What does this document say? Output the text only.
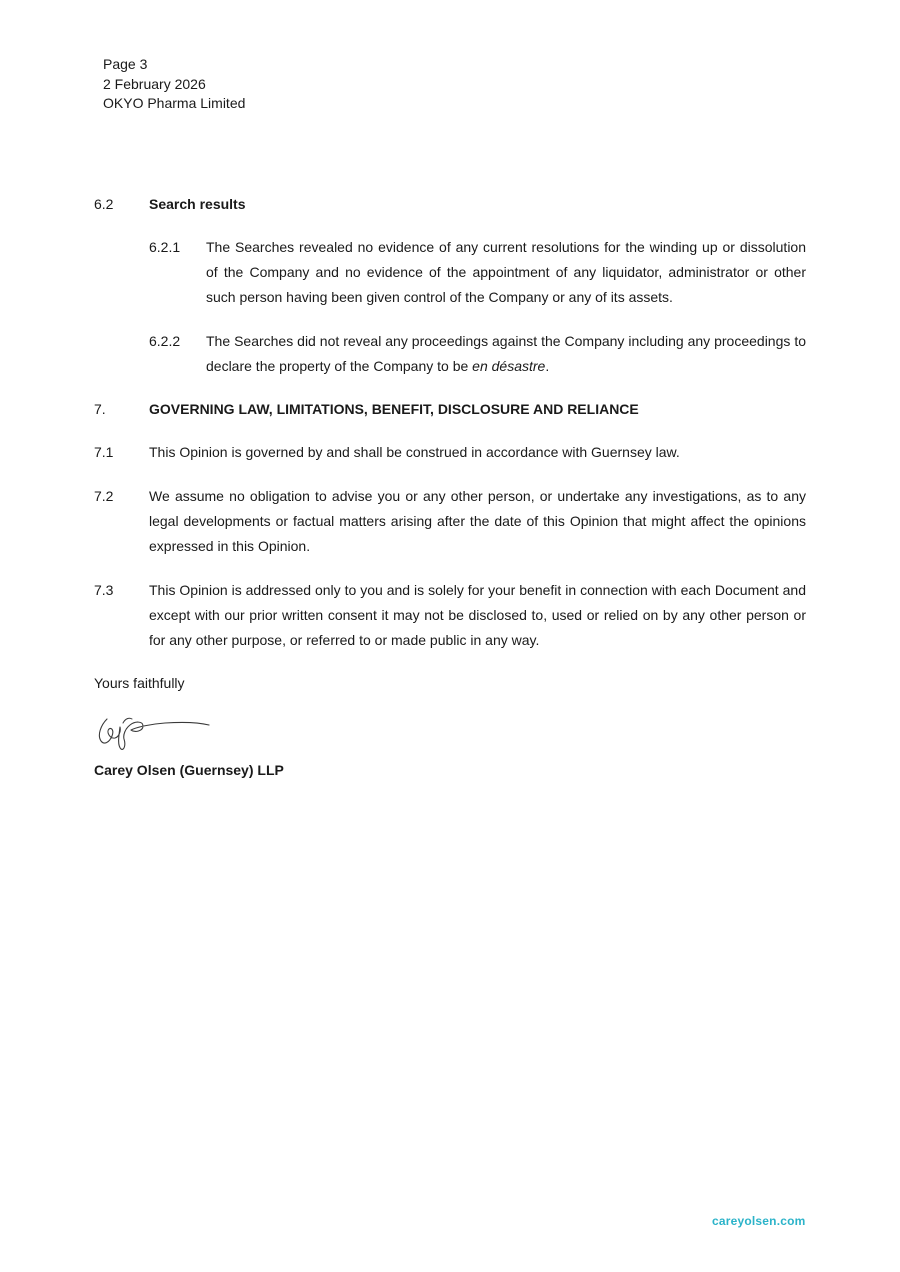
Page 3
2 February 2026
OKYO Pharma Limited
6.2	Search results
6.2.1 The Searches revealed no evidence of any current resolutions for the winding up or dissolution of the Company and no evidence of the appointment of any liquidator, administrator or other such person having been given control of the Company or any of its assets.
6.2.2 The Searches did not reveal any proceedings against the Company including any proceedings to declare the property of the Company to be en désastre.
7.	GOVERNING LAW, LIMITATIONS, BENEFIT, DISCLOSURE AND RELIANCE
7.1	This Opinion is governed by and shall be construed in accordance with Guernsey law.
7.2	We assume no obligation to advise you or any other person, or undertake any investigations, as to any legal developments or factual matters arising after the date of this Opinion that might affect the opinions expressed in this Opinion.
7.3	This Opinion is addressed only to you and is solely for your benefit in connection with each Document and except with our prior written consent it may not be disclosed to, used or relied on by any other person or for any other purpose, or referred to or made public in any way.
Yours faithfully
Carey Olsen (Guernsey) LLP
careyolsen.com
